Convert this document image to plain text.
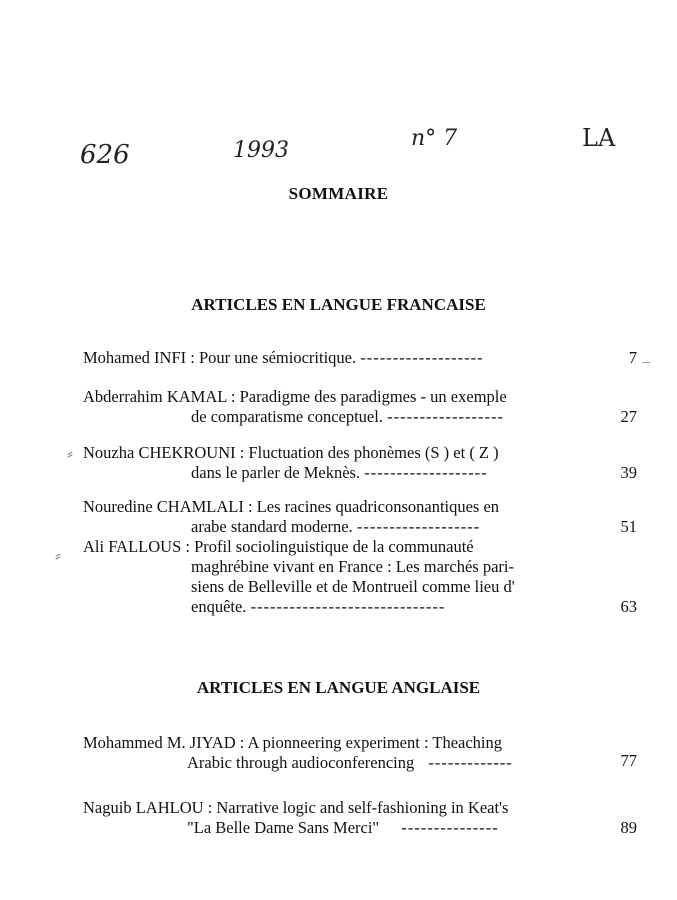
626	1993	n° 7	LA
SOMMAIRE
ARTICLES EN LANGUE FRANCAISE
Mohamed INFI : Pour une sémiocritique. -------------------	7
Abderrahim KAMAL : Paradigme des paradigmes - un exemple
de comparatisme conceptuel. ------------------	27
⸗ Nouzha CHEKROUNI : Fluctuation des phonèmes (S ) et ( Z )
dans le parler de Meknès. -------------------	39
Nouredine CHAMLALI : Les racines quadriconsonantiques en
arabe standard moderne. -------------------	51
⸗ Ali FALLOUS : Profil sociolinguistique de la communauté
maghrébine vivant en France : Les marchés pari-
siens de Belleville et de Montrueil comme lieu d'
enquête. ------------------------------	63
ARTICLES EN LANGUE ANGLAISE
Mohammed M. JIYAD : A pionneering experiment : Theaching
Arabic through audioconferencing -------------	77
Naguib LAHLOU : Narrative logic and self-fashioning in Keat's
"La Belle Dame Sans Merci" ---------------	89
